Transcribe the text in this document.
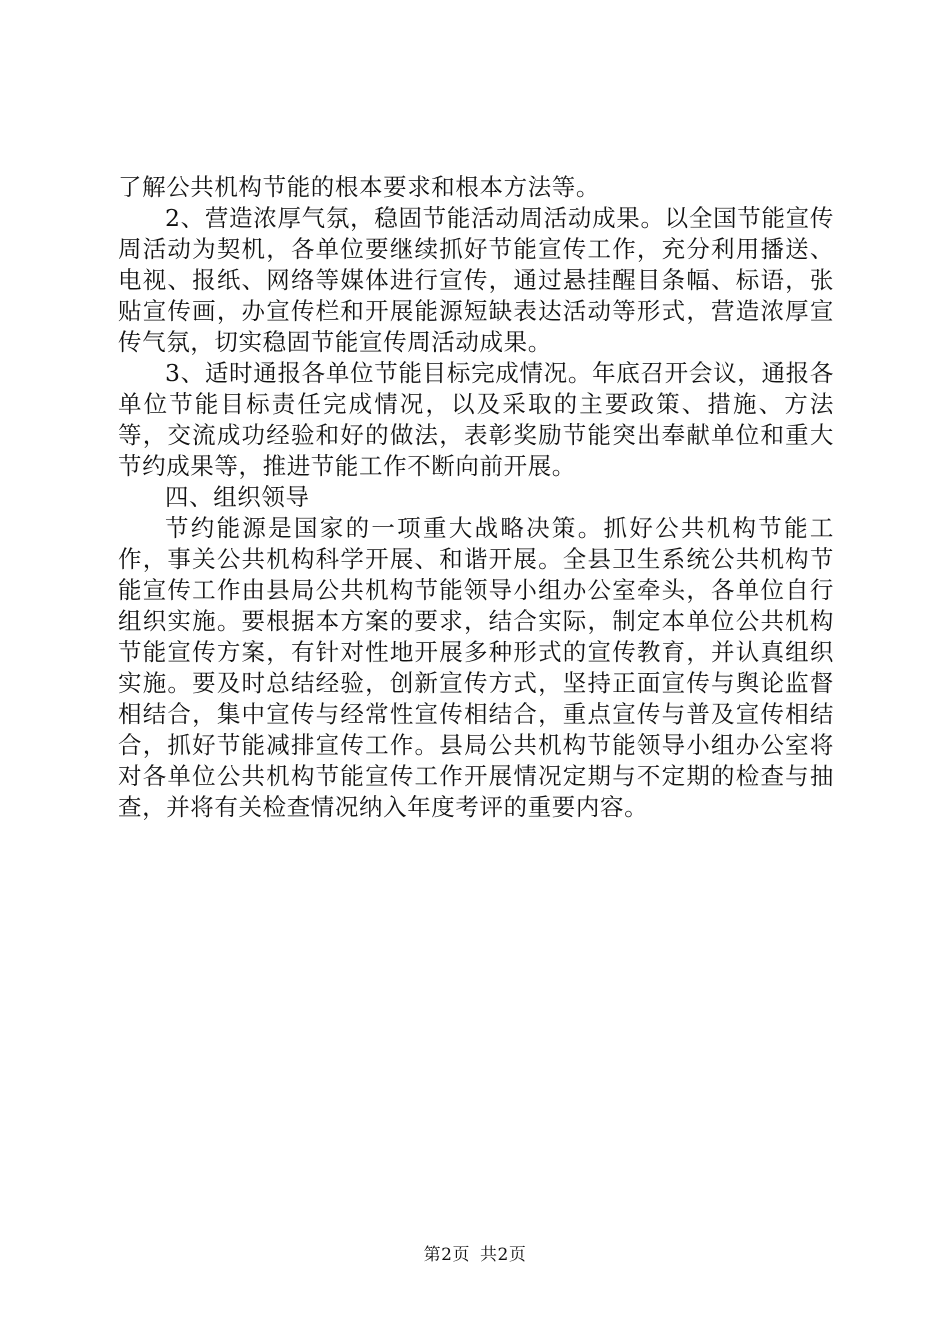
了解公共机构节能的根本要求和根本方法等。

2、营造浓厚气氛，稳固节能活动周活动成果。以全国节能宣传周活动为契机，各单位要继续抓好节能宣传工作，充分利用播送、电视、报纸、网络等媒体进行宣传，通过悬挂醒目条幅、标语，张贴宣传画，办宣传栏和开展能源短缺表达活动等形式，营造浓厚宣传气氛，切实稳固节能宣传周活动成果。

3、适时通报各单位节能目标完成情况。年底召开会议，通报各单位节能目标责任完成情况，以及采取的主要政策、措施、方法等，交流成功经验和好的做法，表彰奖励节能突出奉献单位和重大节约成果等，推进节能工作不断向前开展。

四、组织领导

节约能源是国家的一项重大战略决策。抓好公共机构节能工作，事关公共机构科学开展、和谐开展。全县卫生系统公共机构节能宣传工作由县局公共机构节能领导小组办公室牵头，各单位自行组织实施。要根据本方案的要求，结合实际，制定本单位公共机构节能宣传方案，有针对性地开展多种形式的宣传教育，并认真组织实施。要及时总结经验，创新宣传方式，坚持正面宣传与舆论监督相结合，集中宣传与经常性宣传相结合，重点宣传与普及宣传相结合，抓好节能减排宣传工作。县局公共机构节能领导小组办公室将对各单位公共机构节能宣传工作开展情况定期与不定期的检查与抽查，并将有关检查情况纳入年度考评的重要内容。

第2页 共2页
